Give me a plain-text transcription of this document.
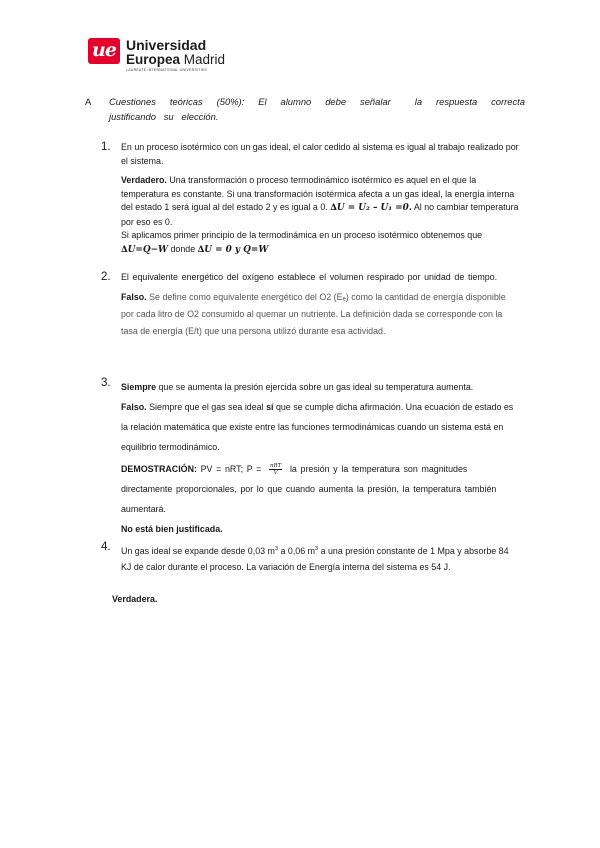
ue Universidad
Europea Madrid
LAUREATE INTERNATIONAL UNIVERSITIES
A Cuestiones teóricas (50%): El alumno debe señalar	la respuesta correcta
justificando   su   elección.
1. En un proceso isotérmico con un gas ideal, el calor cedido al sistema es igual al trabajo realizado por el sistema.

Verdadero. Una transformación o proceso termodinámico isotérmico es aquel en el que la temperatura es constante. Si una transformación isotérmica afecta a un gas ideal, la energía interna del estado 1 será igual al del estado 2 y es igual a 0. ∆U = U₂ – U₁ =0. Al no cambiar temperatura por eso es 0.

Si aplicamos primer principio de la termodinámica en un proceso isotérmico obtenemos que ∆U=Q−W donde ∆U = 0 y Q=W

2. El equivalente energético del oxígeno establece el volumen respirado por unidad de tiempo.

Falso. Se define como equivalente energético del O2 (Eₑ) como la cantidad de energía disponible por cada litro de O2 consumido al quemar un nutriente. La definición dada se corresponde con la tasa de energía (E/t) que una persona utilizó durante esa actividad.

3. Siempre que se aumenta la presión ejercida sobre un gas ideal su temperatura aumenta.

Falso. Siempre que el gas sea ideal sí que se cumple dicha afirmación. Una ecuación de estado es la relación matemática que existe entre las funciones termodinámicas cuando un sistema está en equilibrio termodinámico.

DEMOSTRACIÓN: PV = nRT; $P = \frac{\text{nRT}}{V}$ la presión y la temperatura son magnitudes directamente proporcionales, por lo que cuando aumenta la presión, la temperatura también aumentará.

No está bien justificada.

4. Un gas ideal se expande desde 0,03 $m^3$ a 0,06 $m^3$ a una presión constante de 1 Mpa y absorbe 84 KJ de calor durante el proceso. La variación de Energía interna del sistema es 54 J.

Verdadera.
